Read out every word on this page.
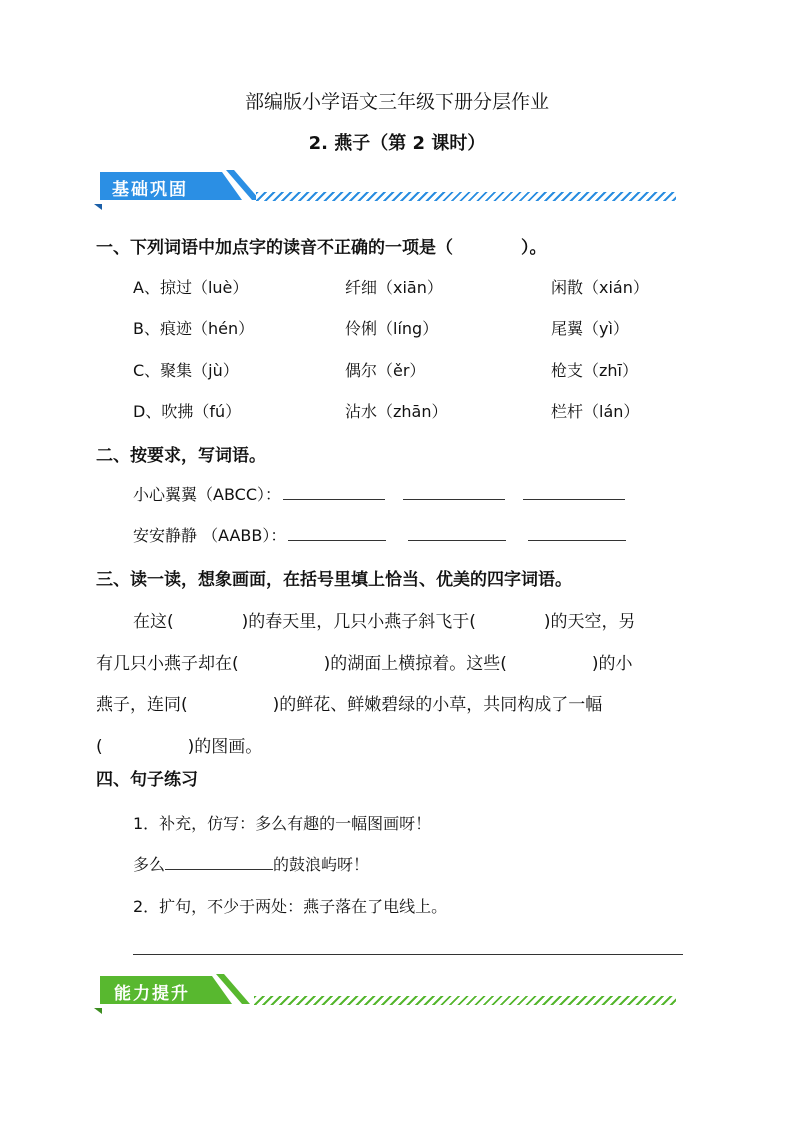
部编版小学语文三年级下册分层作业
2. 燕子（第 2 课时）
基础巩固
一、下列词语中加点字的读音不正确的一项是（　　　　）。
A、掠过（luè）	纤细（xiān）	闲散（xián）
B、痕迹（hén）	伶俐（líng）	尾翼（yì）
C、聚集（jù）	偶尔（ěr）	枪支（zhī）
D、吹拂（fú）	沾水（zhān）	栏杆（lán）
二、按要求，写词语。
小心翼翼（ABCC）：
安安静静 （AABB）：
三、读一读，想象画面，在括号里填上恰当、优美的四字词语。
在这(　　　　)的春天里，几只小燕子斜飞于(　　　　)的天空，另
有几只小燕子却在(　　　　　)的湖面上横掠着。这些(　　　　　)的小
燕子，连同(　　　　　)的鲜花、鲜嫩碧绿的小草，共同构成了一幅
(　　　　　)的图画。
四、句子练习
1．补充，仿写：多么有趣的一幅图画呀！
多么	的鼓浪屿呀！
2．扩句，不少于两处：燕子落在了电线上。
能力提升
